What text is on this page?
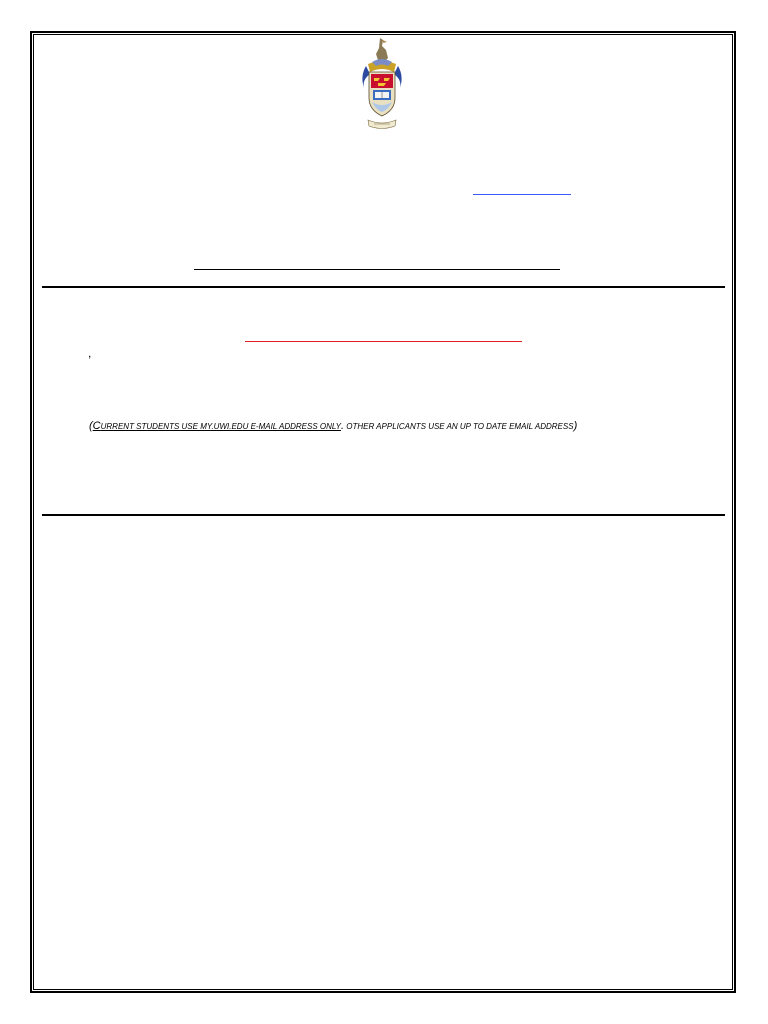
,
(CURRENT STUDENTS USE MY.UWI.EDU E-MAIL ADDRESS ONLY. OTHER APPLICANTS USE AN UP TO DATE EMAIL ADDRESS)
